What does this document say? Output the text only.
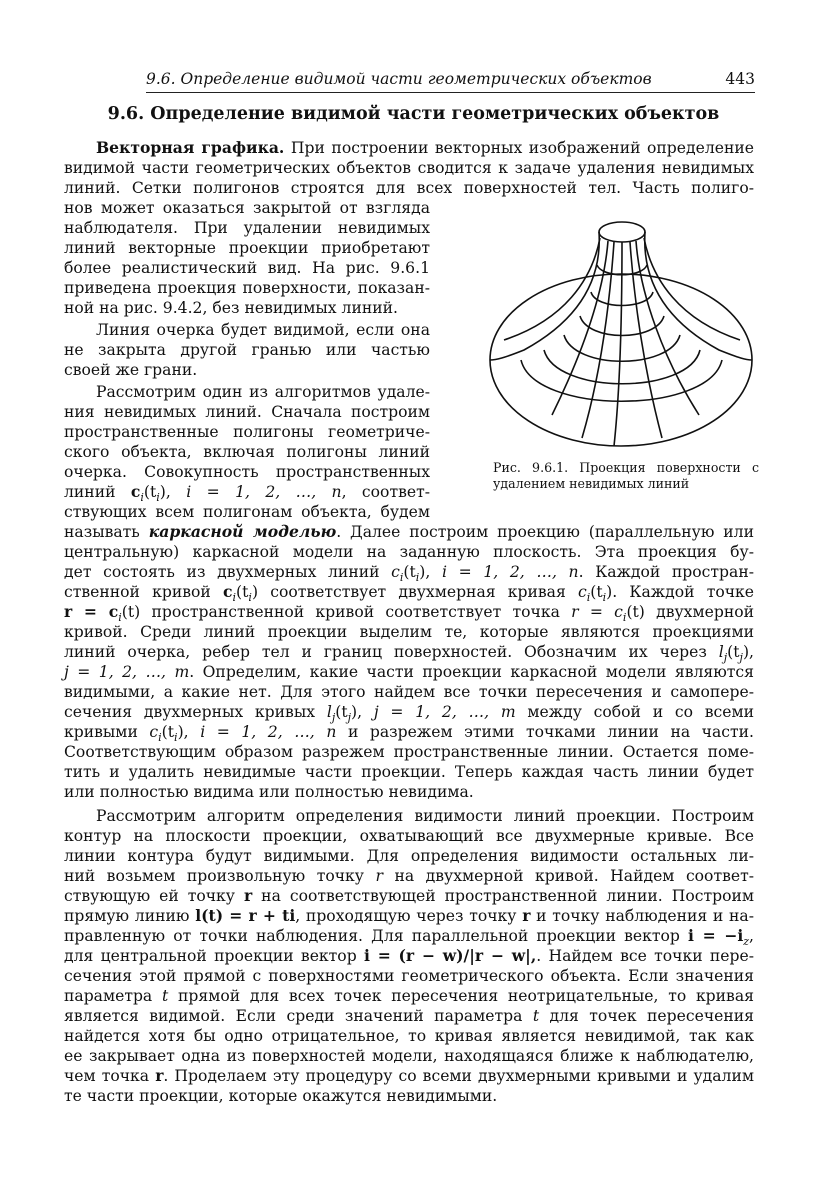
9.6. Определение видимой части геометрических объектов	443
9.6. Определение видимой части геометрических объектов
Рис. 9.6.1. Проекция поверхности с
удалением невидимых линий
Векторная графика. При построении векторных изображений определение
видимой части геометрических объектов сводится к задаче удаления невидимых
линий. Сетки полигонов строятся для всех поверхностей тел. Часть полиго-
нов может оказаться закрытой от взгляда
наблюдателя. При удалении невидимых
линий векторные проекции приобретают
более реалистический вид. На рис. 9.6.1
приведена проекция поверхности, показан-
ной на рис. 9.4.2, без невидимых линий.
Линия очерка будет видимой, если она
не закрыта другой гранью или частью
своей же грани.
Рассмотрим один из алгоритмов удале-
ния невидимых линий. Сначала построим
пространственные полигоны геометриче-
ского объекта, включая полигоны линий
очерка. Совокупность пространственных
линий $c_i(t_i)$, i = 1, 2, …, n, соответ-
ствующих всем полигонам объекта, будем
называть каркасной моделью. Далее построим проекцию (параллельную или
центральную) каркасной модели на заданную плоскость. Эта проекция бу-
дет состоять из двухмерных линий $c_i(t_i)$, i = 1, 2, …, n. Каждой простран-
ственной кривой $c_i(t_i)$ соответствует двухмерная кривая $c_i(t_i)$. Каждой точке
$r = c_i(t)$ пространственной кривой соответствует точка $r = c_i(t)$ двухмерной
кривой. Среди линий проекции выделим те, которые являются проекциями
линий очерка, ребер тел и границ поверхностей. Обозначим их через $l_j(t_j)$,
j = 1, 2, …, m. Определим, какие части проекции каркасной модели являются
видимыми, а какие нет. Для этого найдем все точки пересечения и самопере-
сечения двухмерных кривых $l_j(t_j)$, j = 1, 2, …, m между собой и со всеми
кривыми $c_i(t_i)$, i = 1, 2, …, n и разрежем этими точками линии на части.
Соответствующим образом разрежем пространственные линии. Остается поме-
тить и удалить невидимые части проекции. Теперь каждая часть линии будет
или полностью видима или полностью невидима.
Рассмотрим алгоритм определения видимости линий проекции. Построим
контур на плоскости проекции, охватывающий все двухмерные кривые. Все
линии контура будут видимыми. Для определения видимости остальных ли-
ний возьмем произвольную точку r на двухмерной кривой. Найдем соответ-
ствующую ей точку r на соответствующей пространственной линии. Построим
прямую линию l(t) = r + ti, проходящую через точку r и точку наблюдения и на-
правленную от точки наблюдения. Для параллельной проекции вектор $i = -i_z$,
для центральной проекции вектор i = (r − w)/|r − w|,. Найдем все точки пере-
сечения этой прямой с поверхностями геометрического объекта. Если значения
параметра t прямой для всех точек пересечения неотрицательные, то кривая
является видимой. Если среди значений параметра t для точек пересечения
найдется хотя бы одно отрицательное, то кривая является невидимой, так как
ее закрывает одна из поверхностей модели, находящаяся ближе к наблюдателю,
чем точка r. Проделаем эту процедуру со всеми двухмерными кривыми и удалим
те части проекции, которые окажутся невидимыми.
